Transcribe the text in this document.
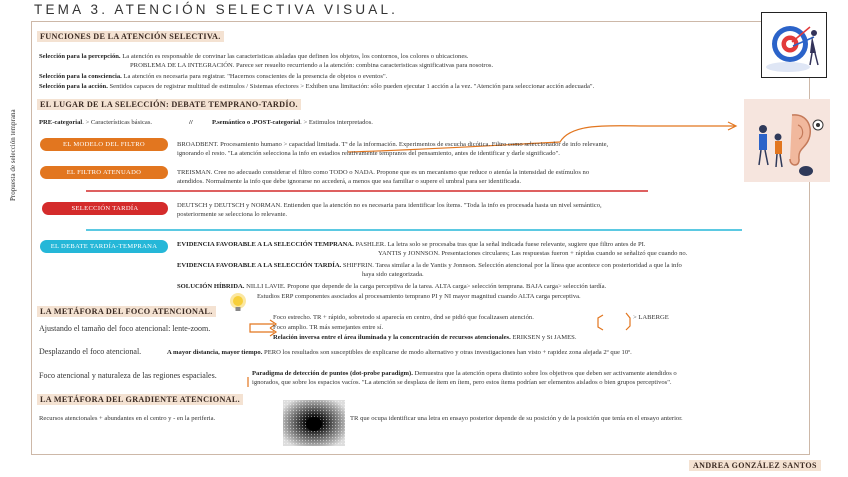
TEMA 3. ATENCIÓN SELECTIVA VISUAL.
Propuesta de selección temprana
FUNCIONES DE LA ATENCIÓN SELECTIVA.
Selección para la percepción. La atención es responsable de convinar las caracteristicas aisladas que definen los objetos, los contornos, los colores o ubicaciones.
PROBLEMA DE LA INTEGRACIÓN. Parece ser resuelto recurriendo a la atención: combina caracteristicas significativas para nosotros.
Selección para la consciencia. La atención es necesaria para registrar. "Hacernos conscientes de la presencia de objetos o eventos".
Selección para la acción. Sentidos capaces de registrar multitud de estimulos / Sistemas efectores > Exhiben una limitación: sólo pueden ejecutar 1 acción a la vez. "Atención para seleccionar acción adecuada".
EL LUGAR DE LA SELECCIÓN: DEBATE TEMPRANO-TARDÍO.
PRE-categorial. > Características básicas.	//	P.semántico o .POST-categorial. > Estimulos interpretados.
EL MODELO DEL FILTRO	BROADBENT. Procesamiento humano > capacidad limitada. Tª de la información. Experimentos de escucha dicótica. Filtro como seleccionador de info relevante,
ignorando el resto. "La atención selecciona la info en estadios relativamente tempranos del pensamiento, antes de identificar y darle significado".
EL FILTRO ATENUADO	TREISMAN. Cree no adecuado considerar el filtro como TODO o NADA. Propone que es un mecanismo que reduce o atenúa la intensidad de estímulos no
atendidos. Normalmente la info que debe ignorarse no accederá, a menos que sea familiar o supere el umbral para ser identificada.
SELECCIÓN TARDÍA	DEUTSCH y DEUTSCH y NORMAN. Entienden que la atención no es necesaria para identificar los ítems. "Toda la info es procesada hasta un nivel semántico,
posteriormente se selecciona lo relevante.
EL DEBATE TARDÍA-TEMPRANA	EVIDENCIA FAVORABLE A LA SELECCIÓN TEMPRANA. PASHLER. La letra solo se procesaba tras que la señal indicada fuese relevante, sugiere que filtro antes de PI.
YANTIS y JONNSON. Presentaciones circulares; Las respuestas fueron + rápidas cuando se señalizó que cuando no.
EVIDENCIA FAVORABLE A LA SELECCIÓN TARDÍA. SHIFFRIN. Tarea similar a la de Yantis y Jonnson. Selección atencional por la línea que acontece con posterioridad a que la info
haya sido categorizada.
SOLUCIÓN HÍBRIDA. NILLI LAVIE. Propone que depende de la carga perceptiva de la tarea. ALTA carga> selección temprana. BAJA carga> selección tardía.
Estudios ERP componentes asociados al procesamiento temprano PI y NI mayor magnitud cuando ALTA carga perceptiva.
LA METÁFORA DEL FOCO ATENCIONAL.
Ajustando el tamaño del foco atencional: lente-zoom.
Foco estrecho. TR + rápido, sobretodo si aparecía en centro, dnd se pidió que focalizasen atención.	> LABERGE
Foco amplio. TR más semejantes entre sí.
Relación inversa entre el área iluminada y la concentración de recursos atencionales. ERIKSEN y St JAMES.
Desplazando el foco atencional.	A mayor distancia, mayor tiempo. PERO los resultados son susceptibles de explicarse de modo alternativo y otras investigaciones han visto + rapidez zona alejada 2º que 10º.
Foco atencional y naturaleza de las regiones espaciales.	Paradigma de detección de puntos (dot-probe paradigm). Demuestra que la atención opera distinto sobre los objetivos que deben ser activamente atendidos o
ignorados, que sobre los espacios vacíos. "La atención se desplaza de ítem en ítem, pero estos ítems podrían ser elementos aislados o bien grupos perceptivos".
LA METÁFORA DEL GRADIENTE ATENCIONAL.
Recursos atencionales + abundantes en el centro y - en la periferia.	TR que ocupa identificar una letra en ensayo posterior depende de su posición y de la posición que tenía en el ensayo anterior.
ANDREA GONZÁLEZ SANTOS
